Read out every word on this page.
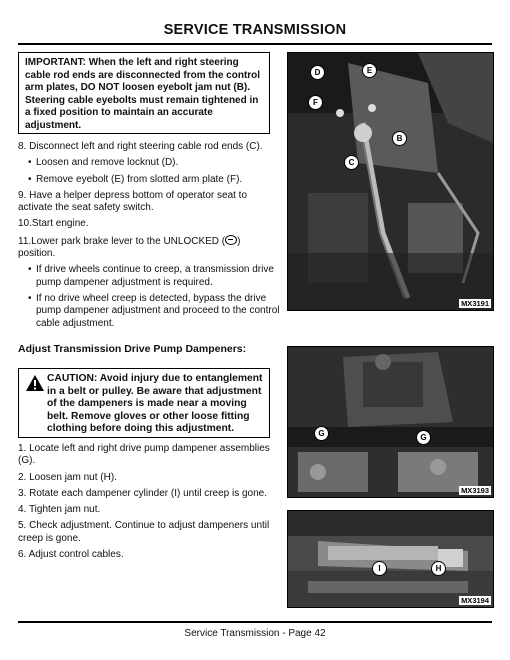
SERVICE TRANSMISSION
IMPORTANT: When the left and right steering cable rod ends are disconnected from the control arm plates, DO NOT loosen eyebolt jam nut (B). Steering cable eyebolts must remain tightened in a fixed position to maintain an accurate adjustment.

8. Disconnect left and right steering cable rod ends (C).

• Loosen and remove locknut (D).

• Remove eyebolt (E) from slotted arm plate (F).

9. Have a helper depress bottom of operator seat to activate the seat safety switch.

10.Start engine.

11.Lower park brake lever to the UNLOCKED ( ) position.

• If drive wheels continue to creep, a transmission drive pump dampener adjustment is required.

• If no drive wheel creep is detected, bypass the drive pump dampener adjustment and proceed to the control cable adjustment.

Adjust Transmission Drive Pump Dampeners:
CAUTION: Avoid injury due to entanglement in a belt or pulley. Be aware that adjustment of the dampeners is made near a moving belt. Remove gloves or other loose fitting clothing before doing this adjustment.

1. Locate left and right drive pump dampener assemblies (G).

2. Loosen jam nut (H).

3. Rotate each dampener cylinder (I) until creep is gone.

4. Tighten jam nut.

5. Check adjustment. Continue to adjust dampeners until creep is gone.

6. Adjust control cables.

D	E
F
B
C
MX3191
G	G
MX3193
I	H
MX3194
Service Transmission - Page 42
